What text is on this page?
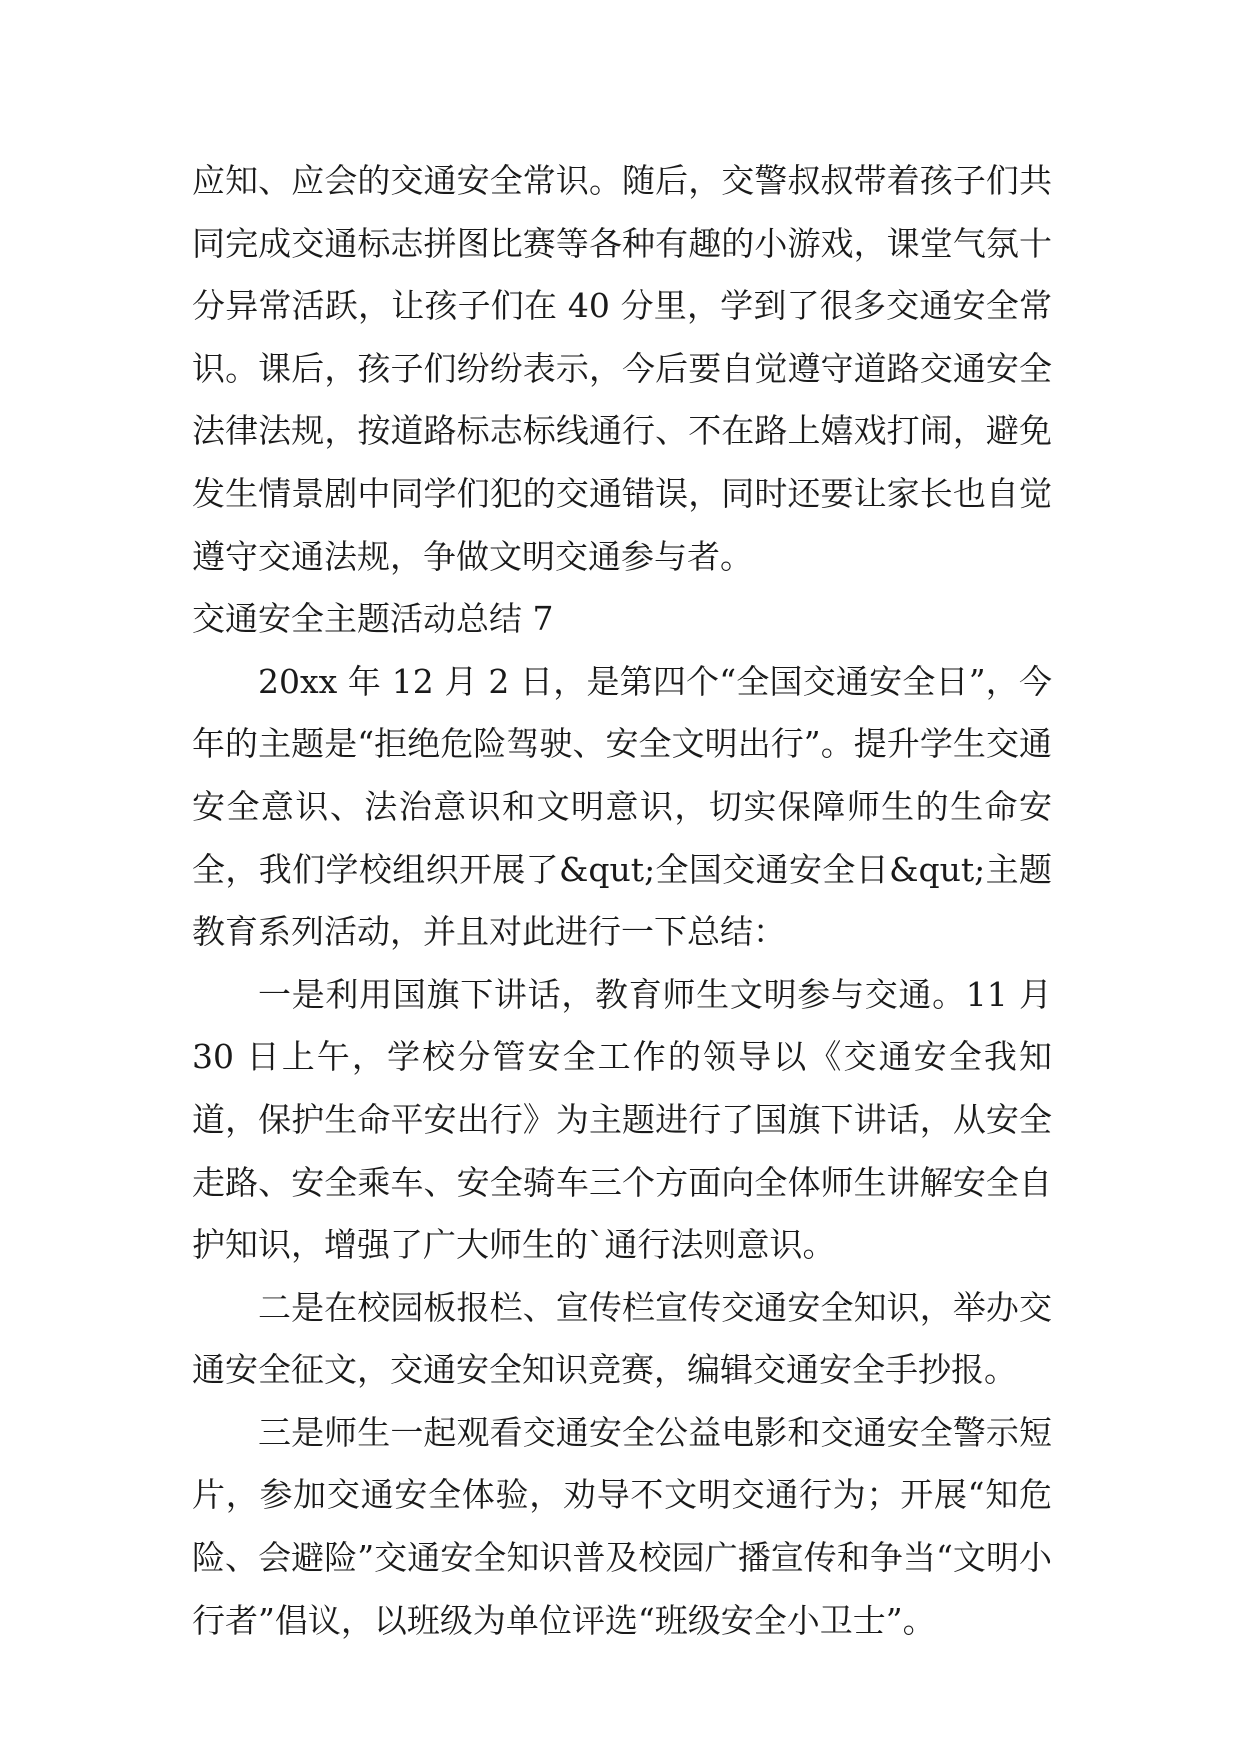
应知、应会的交通安全常识。随后，交警叔叔带着孩子们共同完成交通标志拼图比赛等各种有趣的小游戏，课堂气氛十分异常活跃，让孩子们在 40 分里，学到了很多交通安全常识。课后，孩子们纷纷表示，今后要自觉遵守道路交通安全法律法规，按道路标志标线通行、不在路上嬉戏打闹，避免发生情景剧中同学们犯的交通错误，同时还要让家长也自觉遵守交通法规，争做文明交通参与者。

交通安全主题活动总结 7

20xx 年 12 月 2 日，是第四个“全国交通安全日”，今年的主题是“拒绝危险驾驶、安全文明出行”。提升学生交通安全意识、法治意识和文明意识，切实保障师生的生命安全，我们学校组织开展了&qut;全国交通安全日&qut;主题教育系列活动，并且对此进行一下总结：

一是利用国旗下讲话，教育师生文明参与交通。11 月 30 日上午，学校分管安全工作的领导以《交通安全我知道，保护生命平安出行》为主题进行了国旗下讲话，从安全走路、安全乘车、安全骑车三个方面向全体师生讲解安全自护知识，增强了广大师生的`通行法则意识。

二是在校园板报栏、宣传栏宣传交通安全知识，举办交通安全征文，交通安全知识竞赛，编辑交通安全手抄报。

三是师生一起观看交通安全公益电影和交通安全警示短片，参加交通安全体验，劝导不文明交通行为；开展“知危险、会避险”交通安全知识普及校园广播宣传和争当“文明小行者”倡议，以班级为单位评选“班级安全小卫士”。
